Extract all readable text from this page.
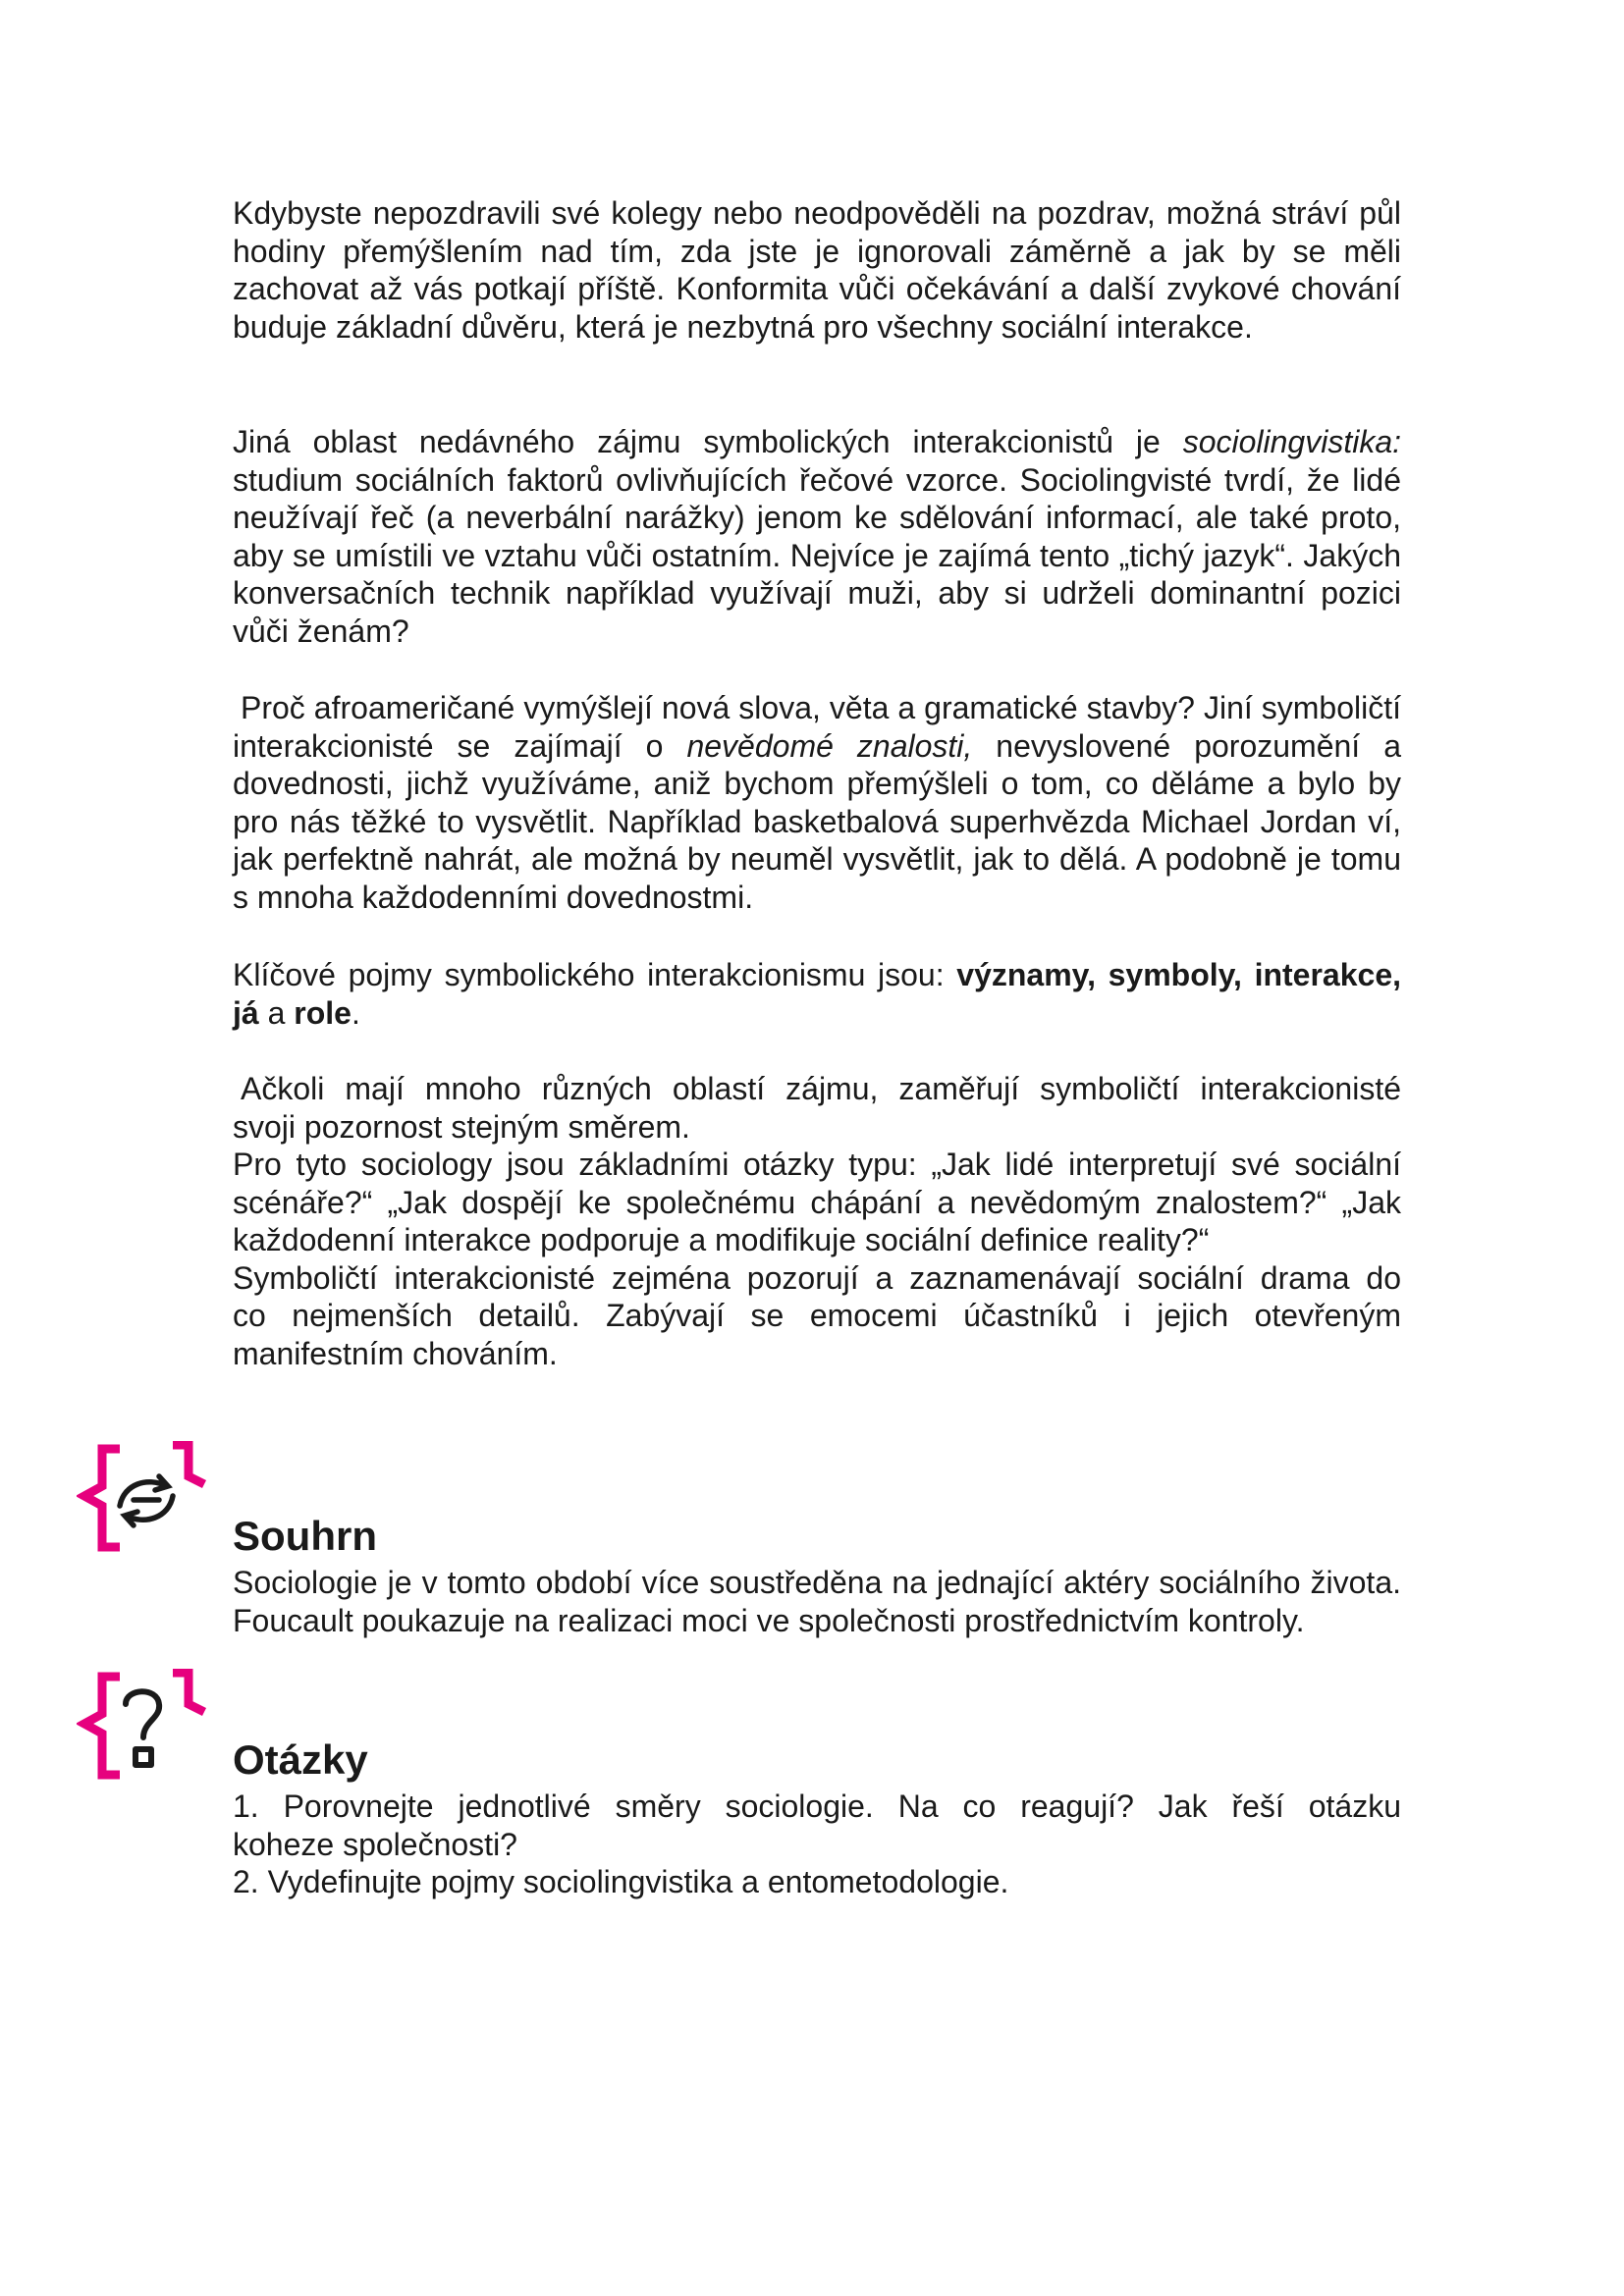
Kdybyste nepozdravili své kolegy nebo neodpověděli na pozdrav, možná stráví půl hodiny přemýšlením nad tím, zda jste je ignorovali záměrně a jak by se měli zachovat až vás potkají příště. Konformita vůči očekávání a další zvykové chování buduje základní důvěru, která je nezbytná pro všechny sociální interakce.

Jiná oblast nedávného zájmu symbolických interakcionistů je sociolingvistika: studium sociálních faktorů ovlivňujících řečové vzorce. Sociolingvisté tvrdí, že lidé neužívají řeč (a neverbální narážky) jenom ke sdělování informací, ale také proto, aby se umístili ve vztahu vůči ostatním. Nejvíce je zajímá tento „tichý jazyk“. Jakých konversačních technik například využívají muži, aby si udrželi dominantní pozici vůči ženám?

Proč afroameričané vymýšlejí nová slova, věta a gramatické stavby? Jiní symboličtí interakcionisté se zajímají o nevědomé znalosti, nevyslovené porozumění a dovednosti, jichž využíváme, aniž bychom přemýšleli o tom, co děláme a bylo by pro nás těžké to vysvětlit. Například basketbalová superhvězda Michael Jordan ví, jak perfektně nahrát, ale možná by neuměl vysvětlit, jak to dělá. A podobně je tomu s mnoha každodenními dovednostmi.

Klíčové pojmy symbolického interakcionismu jsou: významy, symboly, interakce, já a role.

Ačkoli mají mnoho různých oblastí zájmu, zaměřují symboličtí interakcionisté
svoji pozornost stejným směrem.
Pro tyto sociology jsou základními otázky typu: „Jak lidé interpretují své sociální
scénáře?“ „Jak dospějí ke společnému chápání a nevědomým znalostem?“ „Jak
každodenní interakce podporuje a modifikuje sociální definice reality?“
Symboličtí interakcionisté zejména pozorují a zaznamenávají sociální drama do
co nejmenších detailů. Zabývají se emocemi účastníků i jejich otevřeným
manifestním chováním.
Souhrn

Sociologie je v tomto období více soustředěna na jednající aktéry sociálního života. Foucault poukazuje na realizaci moci ve společnosti prostřednictvím kontroly.

Otázky
1. Porovnejte jednotlivé směry sociologie. Na co reagují? Jak řeší otázku
koheze společnosti?
2. Vydefinujte pojmy sociolingvistika a entometodologie.
